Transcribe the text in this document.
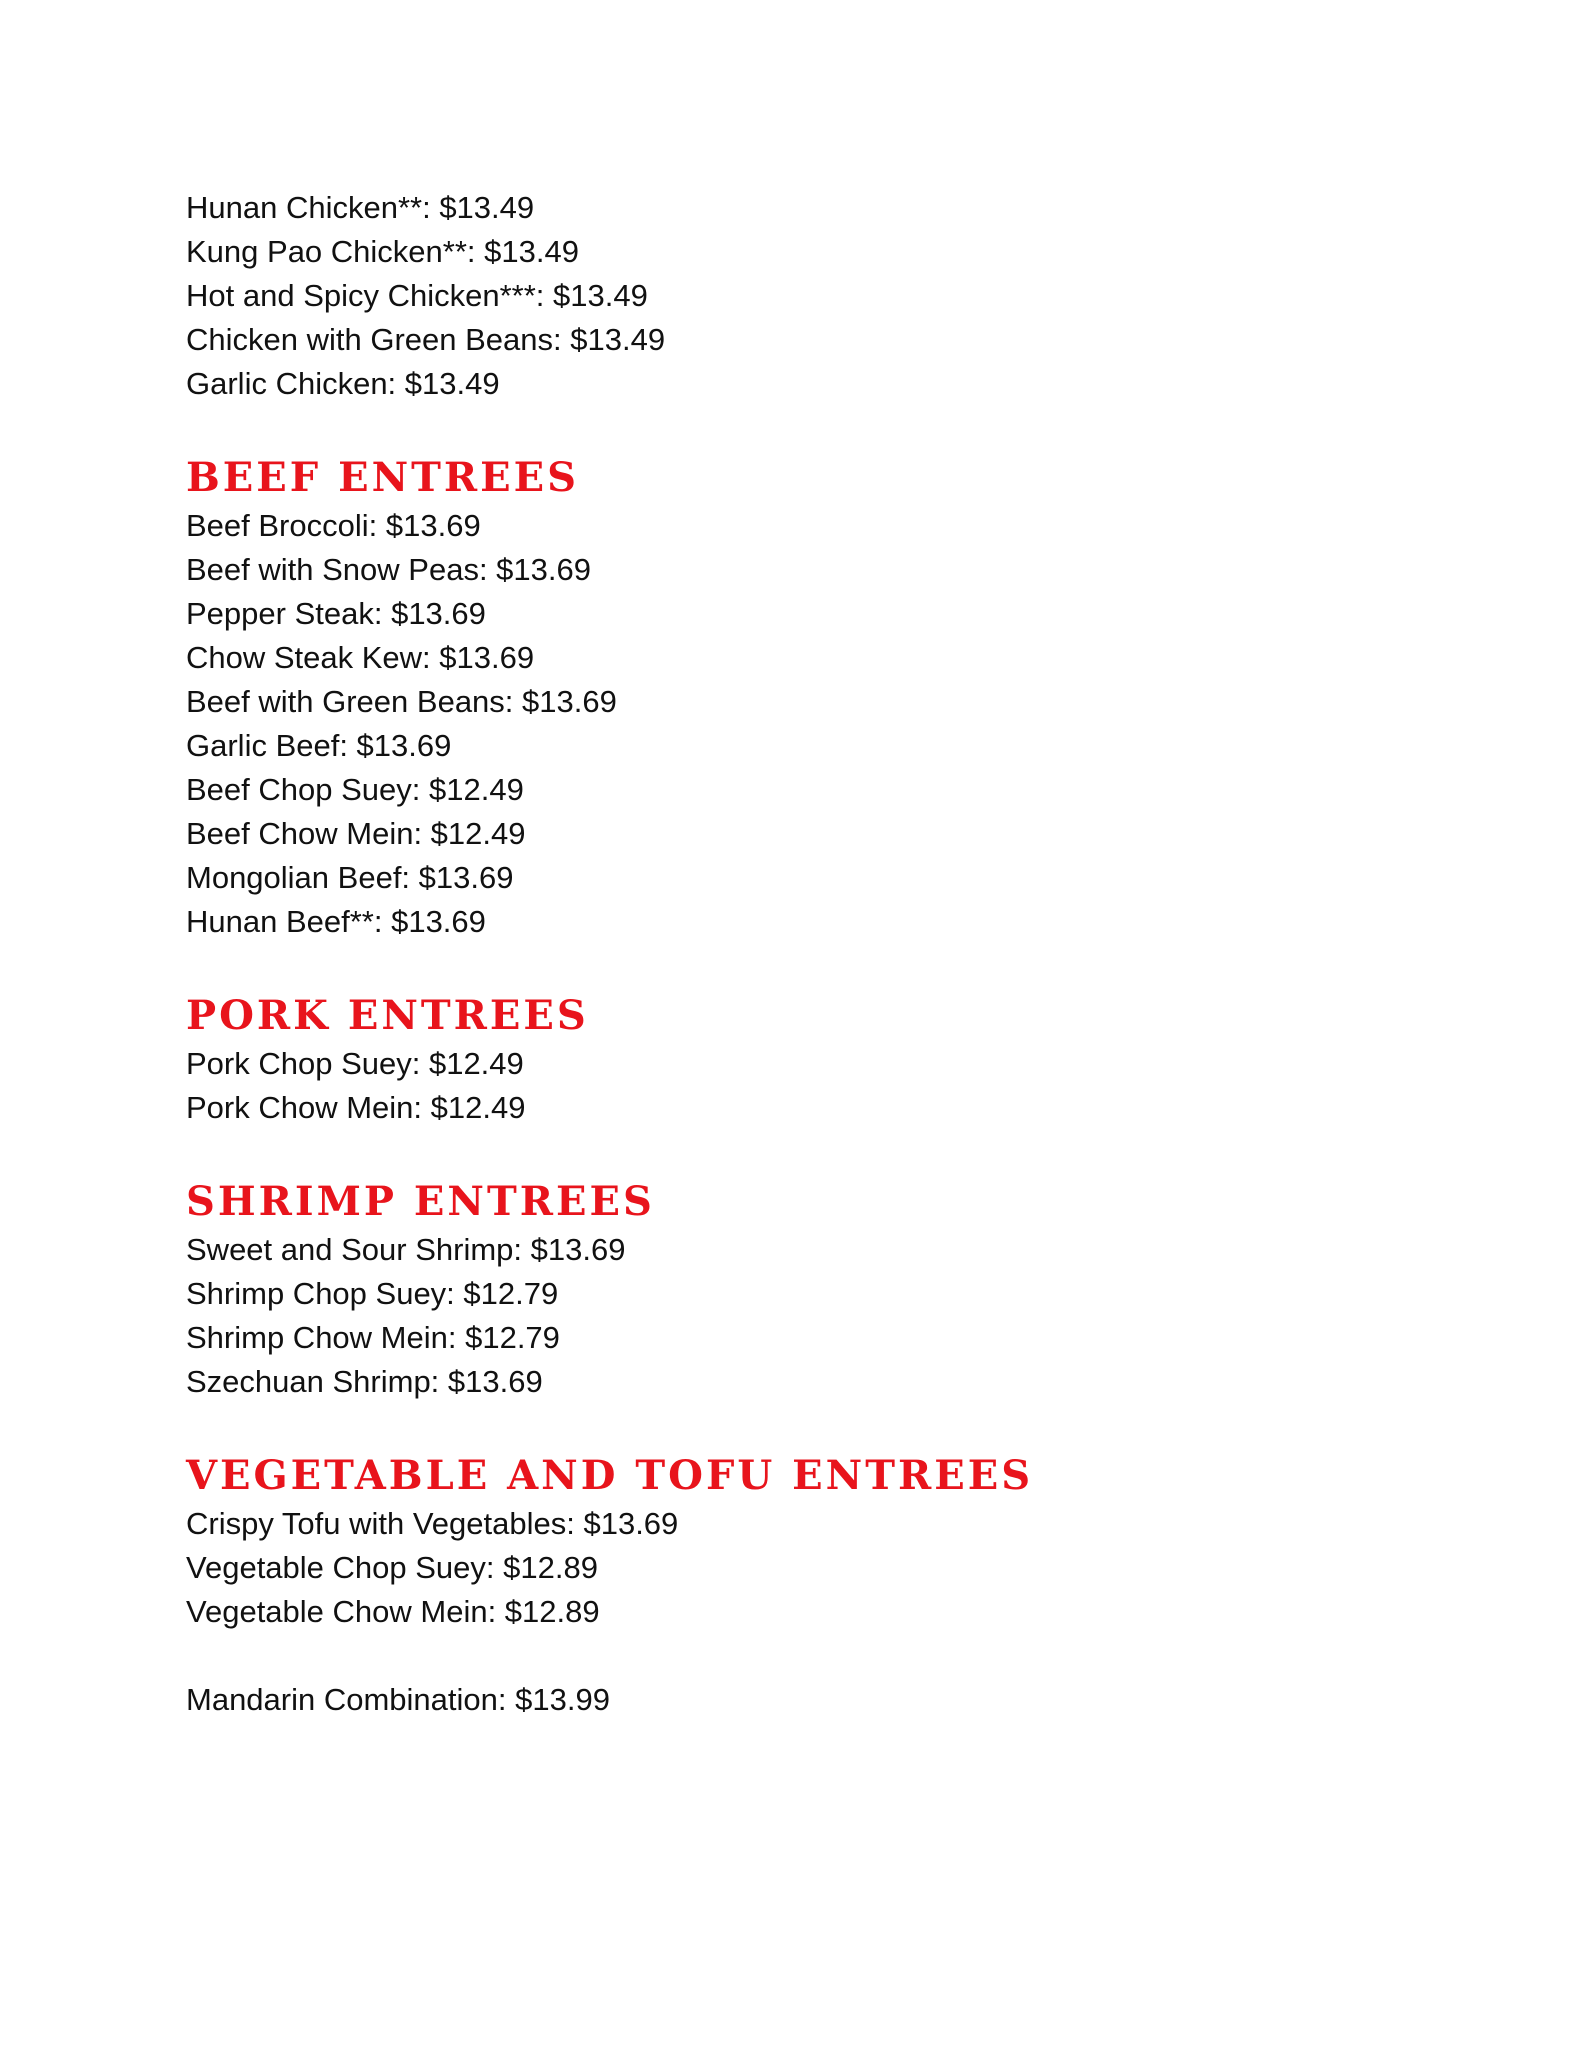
Hunan Chicken**: $13.49
Kung Pao Chicken**: $13.49
Hot and Spicy Chicken***: $13.49
Chicken with Green Beans: $13.49
Garlic Chicken: $13.49
BEEF ENTREES
Beef Broccoli: $13.69
Beef with Snow Peas: $13.69
Pepper Steak: $13.69
Chow Steak Kew: $13.69
Beef with Green Beans: $13.69
Garlic Beef: $13.69
Beef Chop Suey: $12.49
Beef Chow Mein: $12.49
Mongolian Beef: $13.69
Hunan Beef**: $13.69
PORK ENTREES
Pork Chop Suey: $12.49
Pork Chow Mein: $12.49
SHRIMP ENTREES
Sweet and Sour Shrimp: $13.69
Shrimp Chop Suey: $12.79
Shrimp Chow Mein: $12.79
Szechuan Shrimp: $13.69
VEGETABLE AND TOFU ENTREES
Crispy Tofu with Vegetables: $13.69
Vegetable Chop Suey: $12.89
Vegetable Chow Mein: $12.89
Mandarin Combination: $13.99
